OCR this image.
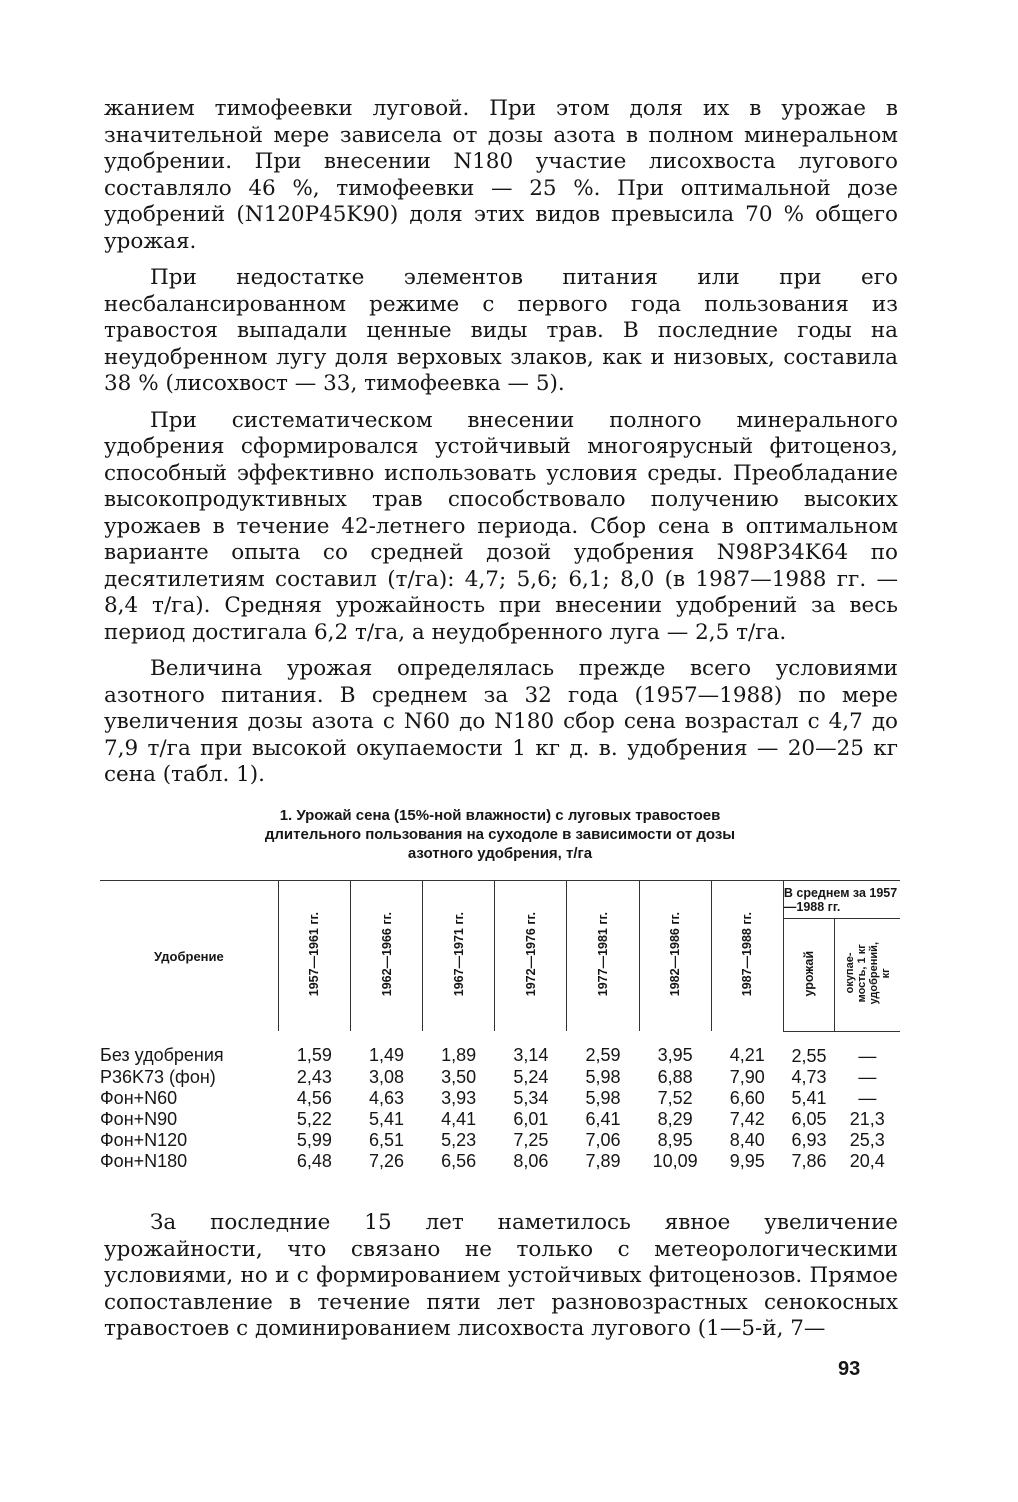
жанием тимофеевки луговой. При этом доля их в урожае в значительной мере зависела от дозы азота в полном минеральном удобрении. При внесении N180 участие лисохвоста лугового составляло 46 %, тимофеевки — 25 %. При оптимальной дозе удобрений (N120P45K90) доля этих видов превысила 70 % общего урожая.

При недостатке элементов питания или при его несбалансированном режиме с первого года пользования из травостоя выпадали ценные виды трав. В последние годы на неудобренном лугу доля верховых злаков, как и низовых, составила 38 % (лисохвост — 33, тимофеевка — 5).

При систематическом внесении полного минерального удобрения сформировался устойчивый многоярусный фитоценоз, способный эффективно использовать условия среды. Преобладание высокопродуктивных трав способствовало получению высоких урожаев в течение 42-летнего периода. Сбор сена в оптимальном варианте опыта со средней дозой удобрения N98P34K64 по десятилетиям составил (т/га): 4,7; 5,6; 6,1; 8,0 (в 1987—1988 гг. — 8,4 т/га). Средняя урожайность при внесении удобрений за весь период достигала 6,2 т/га, а неудобренного луга — 2,5 т/га.

Величина урожая определялась прежде всего условиями азотного питания. В среднем за 32 года (1957—1988) по мере увеличения дозы азота с N60 до N180 сбор сена возрастал с 4,7 до 7,9 т/га при высокой окупаемости 1 кг д. в. удобрения — 20—25 кг сена (табл. 1).

1. Урожай сена (15%-ной влажности) с луговых травостоев
длительного пользования на суходоле в зависимости от дозы
азотного удобрения, т/га
Удобрение	1957—1961 гг.	1962—1966 гг.	1967—1971 гг.	1972—1976 гг.	1977—1981 гг.	1982—1986 гг.	1987—1988 гг.	В среднем за 1957—1988 гг.	
								урожай	окупае-
мость, 1 кг
удобрений,
кг
Без удобрения	1,59	1,49	1,89	3,14	2,59	3,95	4,21	2,55	—
P36K73 (фон)	2,43	3,08	3,50	5,24	5,98	6,88	7,90	4,73	—
Фон+N60	4,56	4,63	3,93	5,34	5,98	7,52	6,60	5,41	—
Фон+N90	5,22	5,41	4,41	6,01	6,41	8,29	7,42	6,05	21,3
Фон+N120	5,99	6,51	5,23	7,25	7,06	8,95	8,40	6,93	25,3
Фон+N180	6,48	7,26	6,56	8,06	7,89	10,09	9,95	7,86	20,4

За последние 15 лет наметилось явное увеличение урожайности, что связано не только с метеорологическими условиями, но и с формированием устойчивых фитоценозов. Прямое сопоставление в течение пяти лет разновозрастных сенокосных травостоев с доминированием лисохвоста лугового (1—5-й, 7—

93
